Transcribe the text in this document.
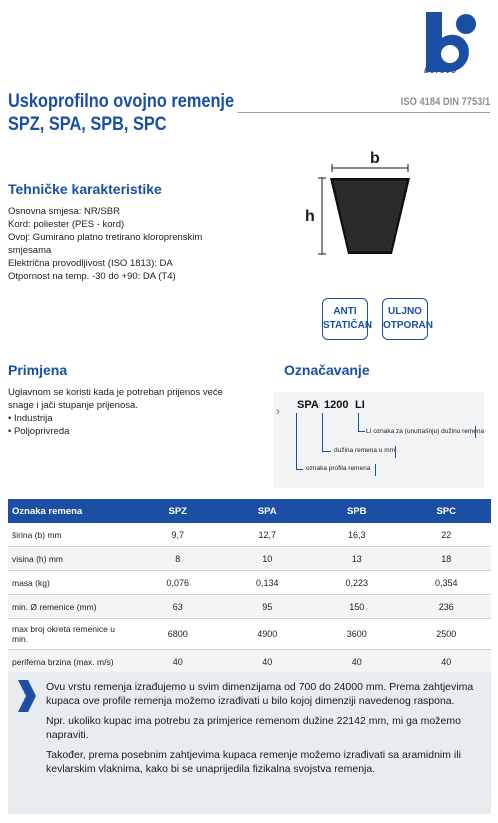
ßorovo
ISO 4184 DIN 7753/1
Uskoprofilno ovojno remenje
SPZ, SPA, SPB, SPC
b
h
Tehničke karakteristike

Osnovna smjesa: NR/SBR

Kord: poliester (PES - kord)

Ovoj: Gumirano platno tretirano kloroprenskim smjesama

Električna provodljivost (ISO 1813): DA

Otpornost na temp. -30 do +90: DA (T4)

ANTI
STATIČAN
ULJNO
OTPORAN
Primjena

Uglavnom se koristi kada je potreban prijenos veće snage i jači stupanje prijenosa.

• Industrija

• Poljoprivreda

Označavanje
› SPA 1200 LI
LI oznaka za (unutrašnju) dužinu remena
dužina remena u mm
oznaka profila remena
Oznaka remena	SPZ	SPA	SPB	SPC
širina (b) mm	9,7	12,7	16,3	22
visina (h) mm	8	10	13	18
masa (kg)	0,076	0,134	0,223	0,354
min. Ø remenice (mm)	63	95	150	236
max broj okreta remenice u min.	6800	4900	3600	2500
periferna brzina (max. m/s)	40	40	40	40

Ovu vrstu remenja izrađujemo u svim dimenzijama od 700 do 24000 mm. Prema zahtjevima kupaca ove profile remenja možemo izrađivati u bilo kojoj dimenziji navedenog raspona.

Npr. ukoliko kupac ima potrebu za primjerice remenom dužine 22142 mm, mi ga možemo napraviti.

Također, prema posebnim zahtjevima kupaca remenje možemo izrađivati sa aramidnim ili kevlarskim vlaknima, kako bi se unaprijedila fizikalna svojstva remenja.
